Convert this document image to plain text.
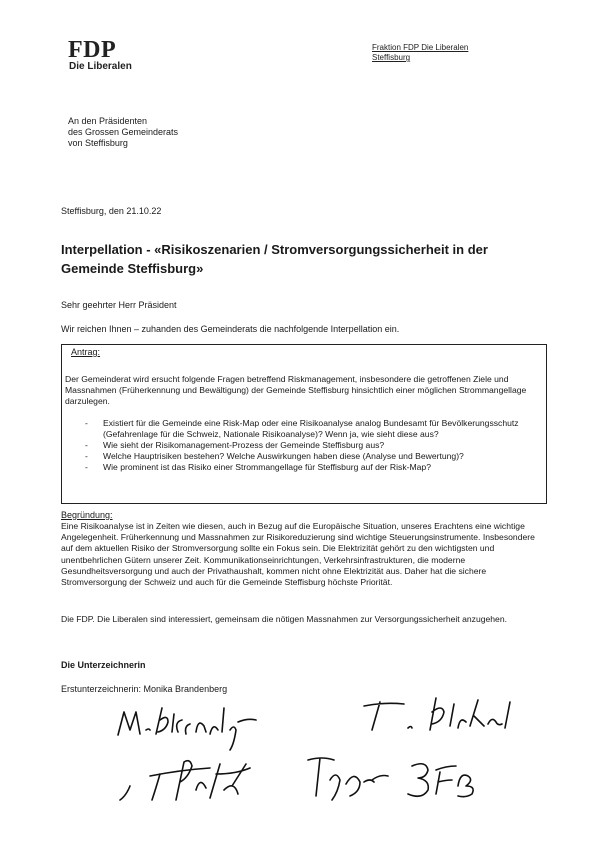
FDP
Die Liberalen
Fraktion FDP Die Liberalen
Steffisburg
An den Präsidenten
des Grossen Gemeinderats
von Steffisburg
Steffisburg, den 21.10.22
Interpellation - «Risikoszenarien / Stromversorgungssicherheit in der Gemeinde Steffisburg»
Sehr geehrter Herr Präsident
Wir reichen Ihnen – zuhanden des Gemeinderats die nachfolgende Interpellation ein.
Antrag:
Der Gemeinderat wird ersucht folgende Fragen betreffend Riskmanagement, insbesondere die getroffenen Ziele und Massnahmen (Früherkennung und Bewältigung) der Gemeinde Steffisburg hinsichtlich einer möglichen Strommangellage darzulegen.
- Existiert für die Gemeinde eine Risk-Map oder eine Risikoanalyse analog Bundesamt für Bevölkerungsschutz (Gefahrenlage für die Schweiz, Nationale Risikoanalyse)? Wenn ja, wie sieht diese aus?
- Wie sieht der Risikomanagement-Prozess der Gemeinde Steffisburg aus?
- Welche Hauptrisiken bestehen? Welche Auswirkungen haben diese (Analyse und Bewertung)?
- Wie prominent ist das Risiko einer Strommangellage für Steffisburg auf der Risk-Map?
Begründung:
Eine Risikoanalyse ist in Zeiten wie diesen, auch in Bezug auf die Europäische Situation, unseres Erachtens eine wichtige Angelegenheit. Früherkennung und Massnahmen zur Risikoreduzierung sind wichtige Steuerungsinstrumente. Insbesondere auf dem aktuellen Risiko der Stromversorgung sollte ein Fokus sein. Die Elektrizität gehört zu den wichtigsten und unentbehrlichen Gütern unserer Zeit. Kommunikationseinrichtungen, Verkehrsinfrastrukturen, die moderne Gesundheitsversorgung und auch der Privathaushalt, kommen nicht ohne Elektrizität aus. Daher hat die sichere Stromversorgung der Schweiz und auch für die Gemeinde Steffisburg höchste Priorität.
Die FDP. Die Liberalen sind interessiert, gemeinsam die nötigen Massnahmen zur Versorgungssicherheit anzugehen.
Die Unterzeichnerin
Erstunterzeichnerin: Monika Brandenberg
